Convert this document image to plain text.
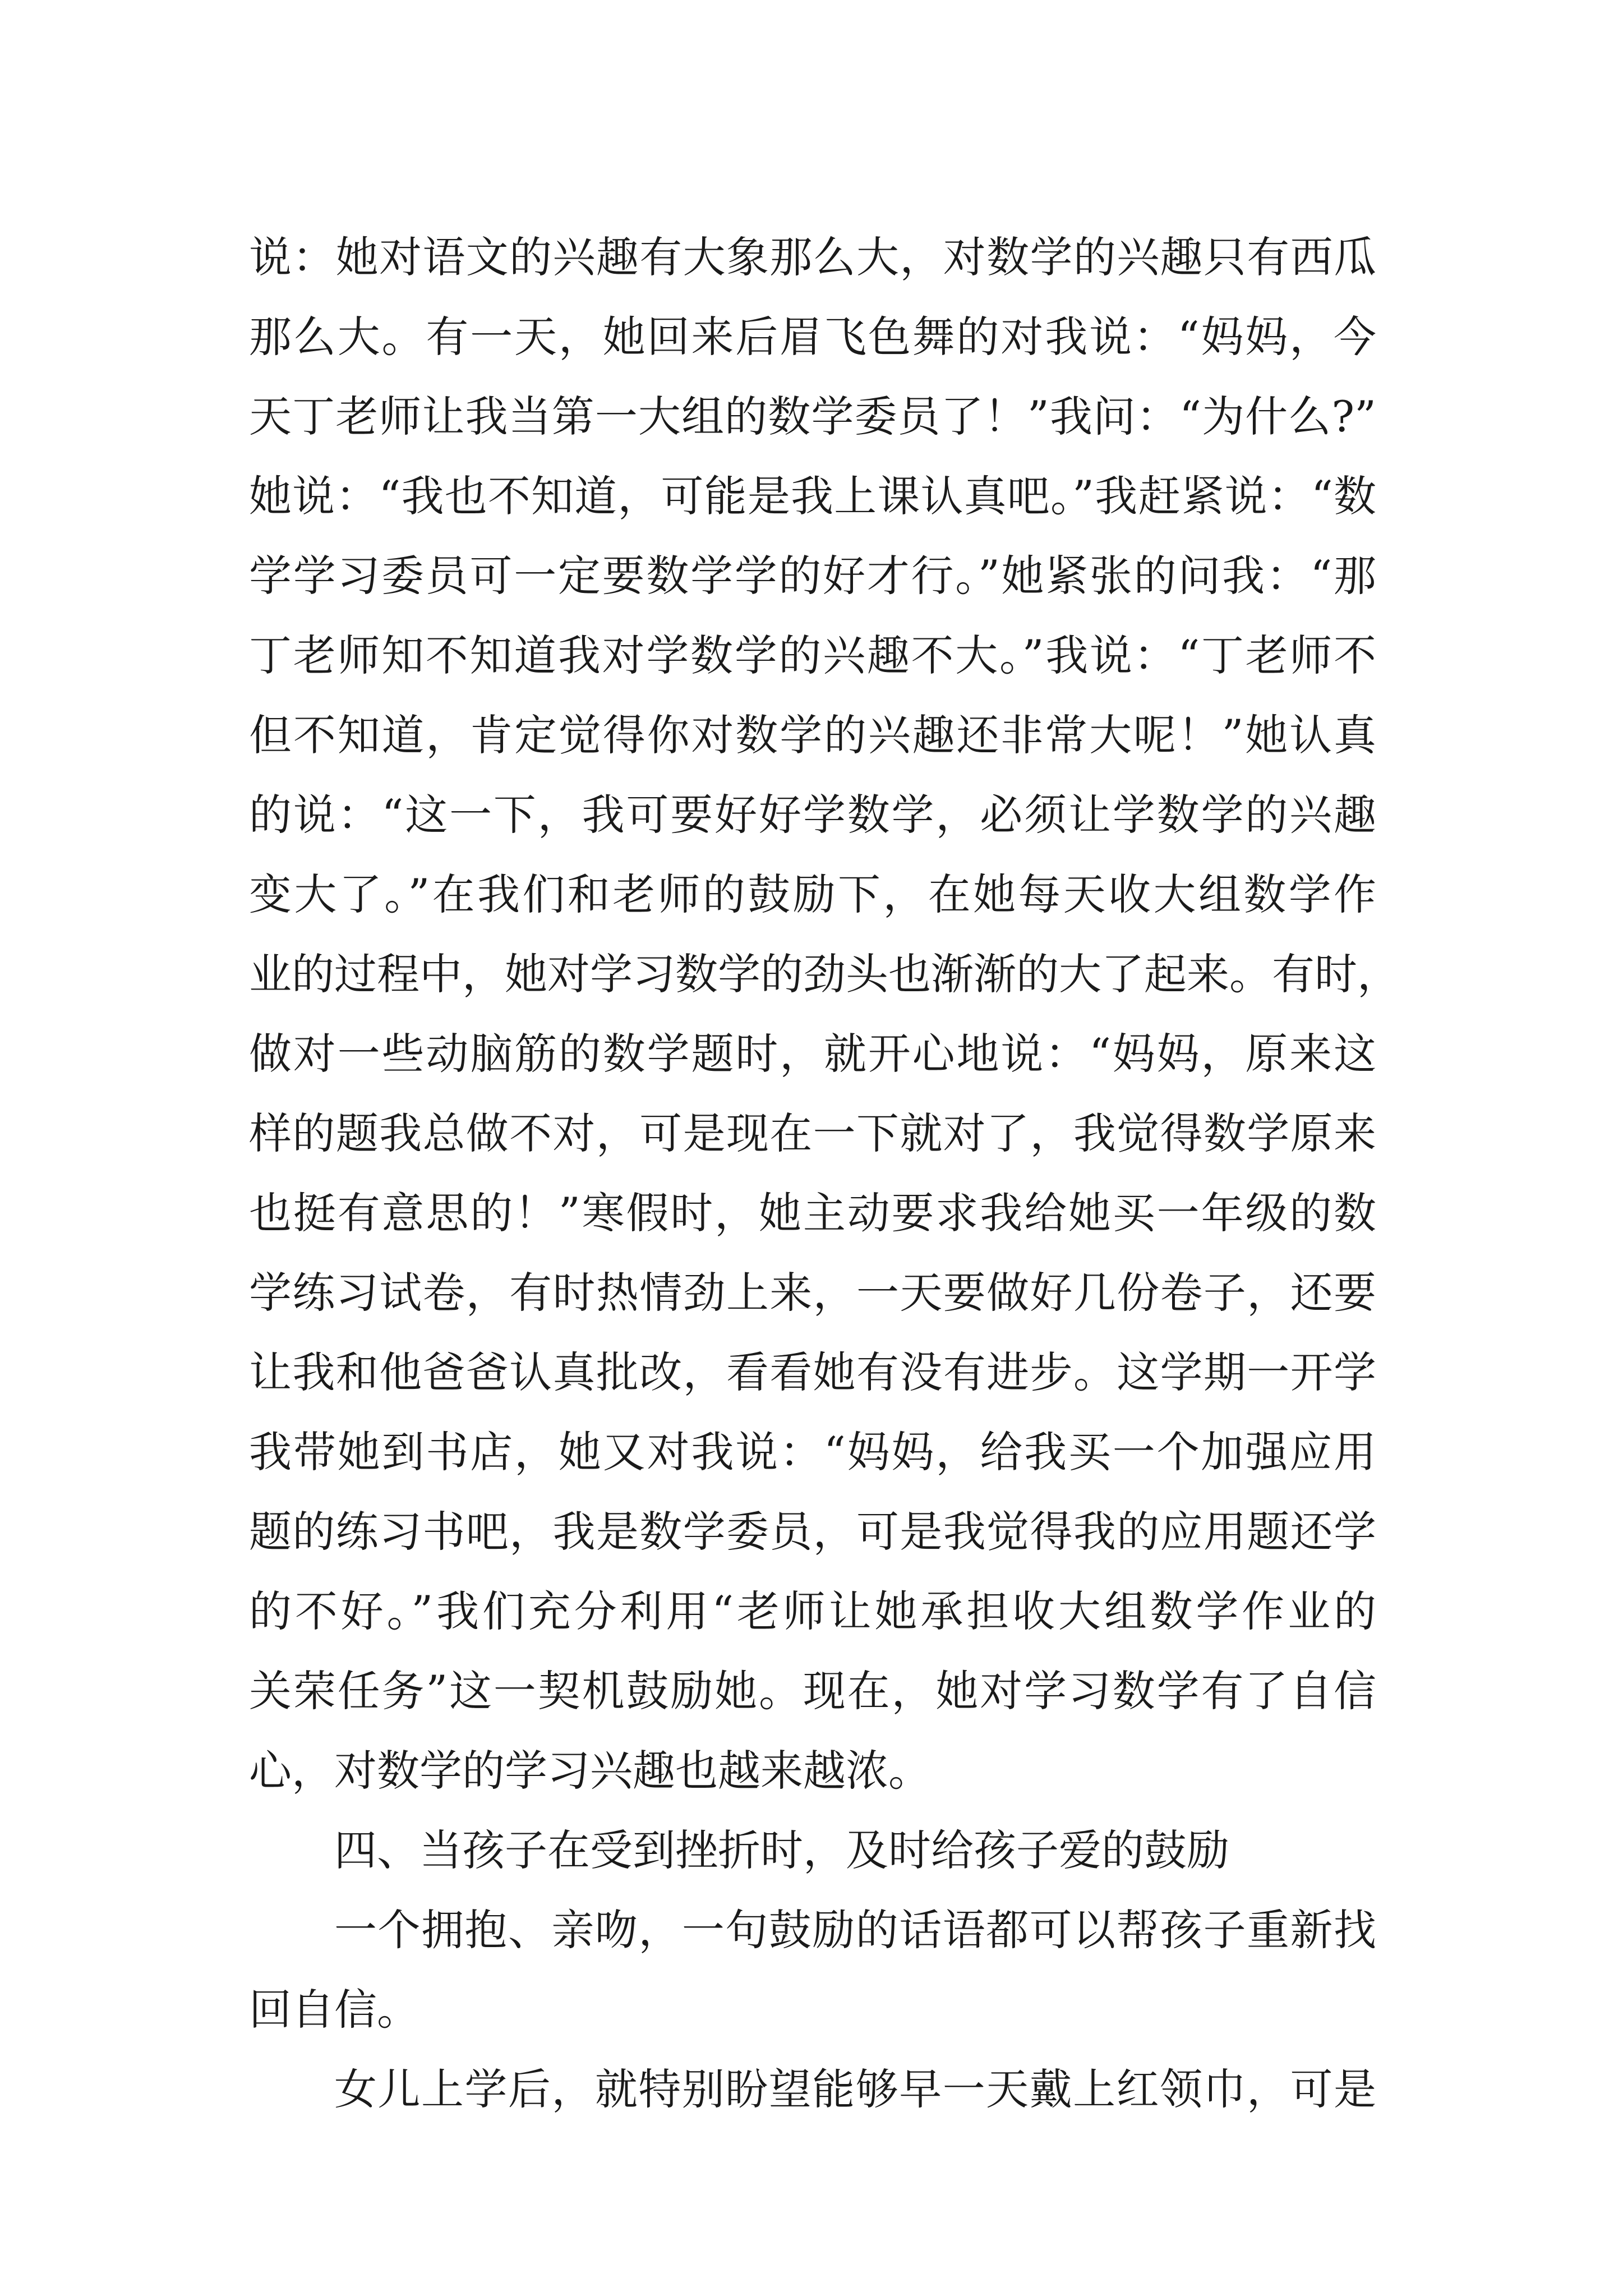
说：她对语文的兴趣有大象那么大，对数学的兴趣只有西瓜
那么大。有一天，她回来后眉飞色舞的对我说：“妈妈，今
天丁老师让我当第一大组的数学委员了！”我问：“为什么?”
她说：“我也不知道，可能是我上课认真吧。”我赶紧说：“数
学学习委员可一定要数学学的好才行。”她紧张的问我：“那
丁老师知不知道我对学数学的兴趣不大。”我说：“丁老师不
但不知道，肯定觉得你对数学的兴趣还非常大呢！”她认真
的说：“这一下，我可要好好学数学，必须让学数学的兴趣
变大了。”在我们和老师的鼓励下，在她每天收大组数学作
业的过程中，她对学习数学的劲头也渐渐的大了起来。有时，
做对一些动脑筋的数学题时，就开心地说：“妈妈，原来这
样的题我总做不对，可是现在一下就对了，我觉得数学原来
也挺有意思的！”寒假时，她主动要求我给她买一年级的数
学练习试卷，有时热情劲上来，一天要做好几份卷子，还要
让我和他爸爸认真批改，看看她有没有进步。这学期一开学
我带她到书店，她又对我说：“妈妈，给我买一个加强应用
题的练习书吧，我是数学委员，可是我觉得我的应用题还学
的不好。”我们充分利用“老师让她承担收大组数学作业的
关荣任务”这一契机鼓励她。现在，她对学习数学有了自信
心，对数学的学习兴趣也越来越浓。
四、当孩子在受到挫折时，及时给孩子爱的鼓励
一个拥抱、亲吻，一句鼓励的话语都可以帮孩子重新找
回自信。
女儿上学后，就特别盼望能够早一天戴上红领巾，可是
